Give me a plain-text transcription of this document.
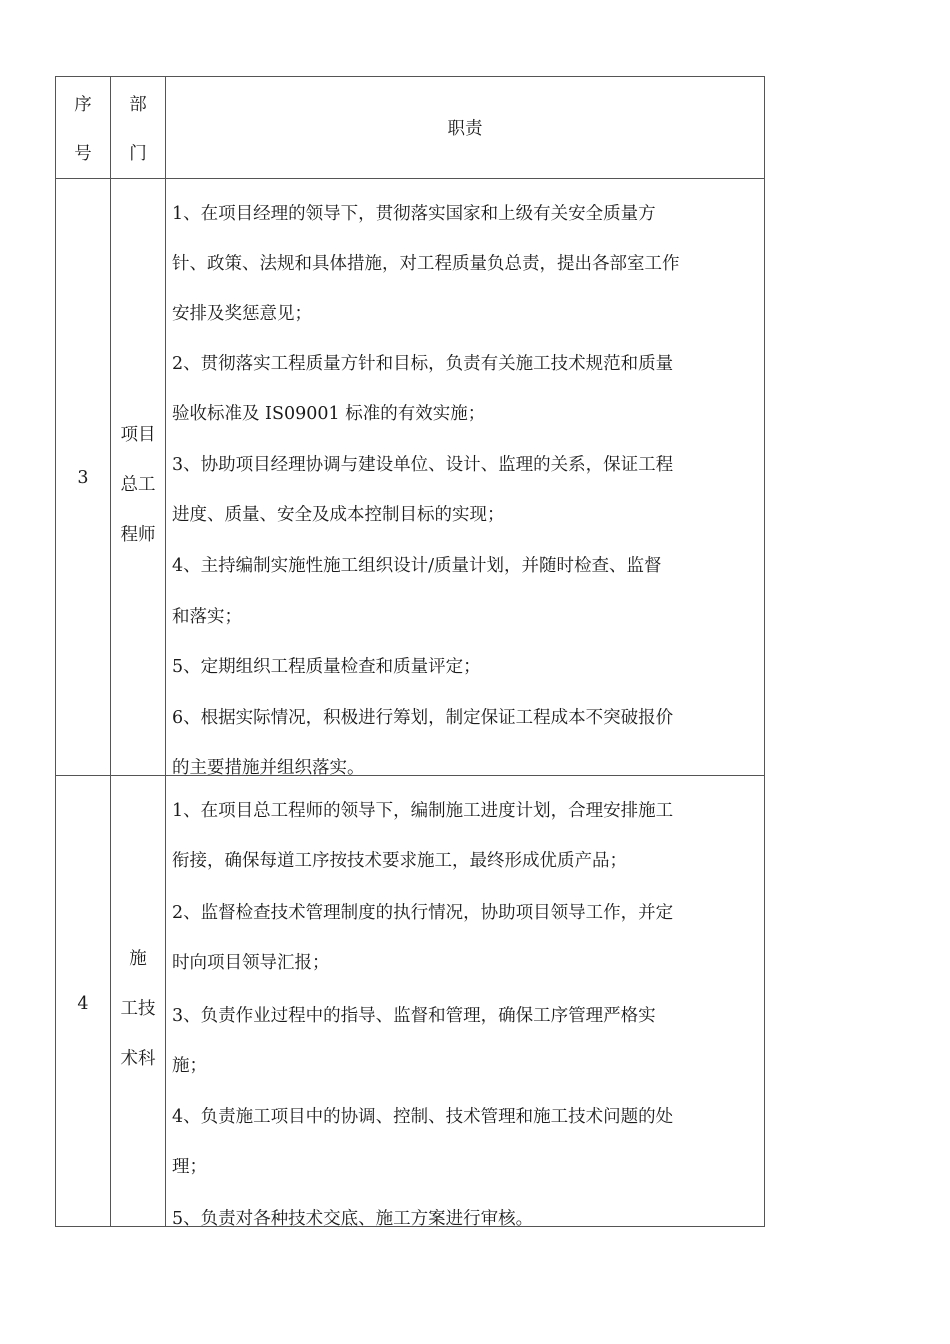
序
号
部
门
职责
3
项目
总工
程师
1、在项目经理的领导下，贯彻落实国家和上级有关安全质量方
针、政策、法规和具体措施，对工程质量负总责，提出各部室工作
安排及奖惩意见；
2、贯彻落实工程质量方针和目标，负责有关施工技术规范和质量
验收标准及 IS09001 标准的有效实施；
3、协助项目经理协调与建设单位、设计、监理的关系，保证工程
进度、质量、安全及成本控制目标的实现；
4、主持编制实施性施工组织设计/质量计划，并随时检查、监督
和落实；
5、定期组织工程质量检查和质量评定；
6、根据实际情况，积极进行筹划，制定保证工程成本不突破报价
的主要措施并组织落实。
4
施
工技
术科
1、在项目总工程师的领导下，编制施工进度计划，合理安排施工
衔接，确保每道工序按技术要求施工，最终形成优质产品；
2、监督检查技术管理制度的执行情况，协助项目领导工作，并定
时向项目领导汇报；
3、负责作业过程中的指导、监督和管理，确保工序管理严格实
施；
4、负责施工项目中的协调、控制、技术管理和施工技术问题的处
理；
5、负责对各种技术交底、施工方案进行审核。
